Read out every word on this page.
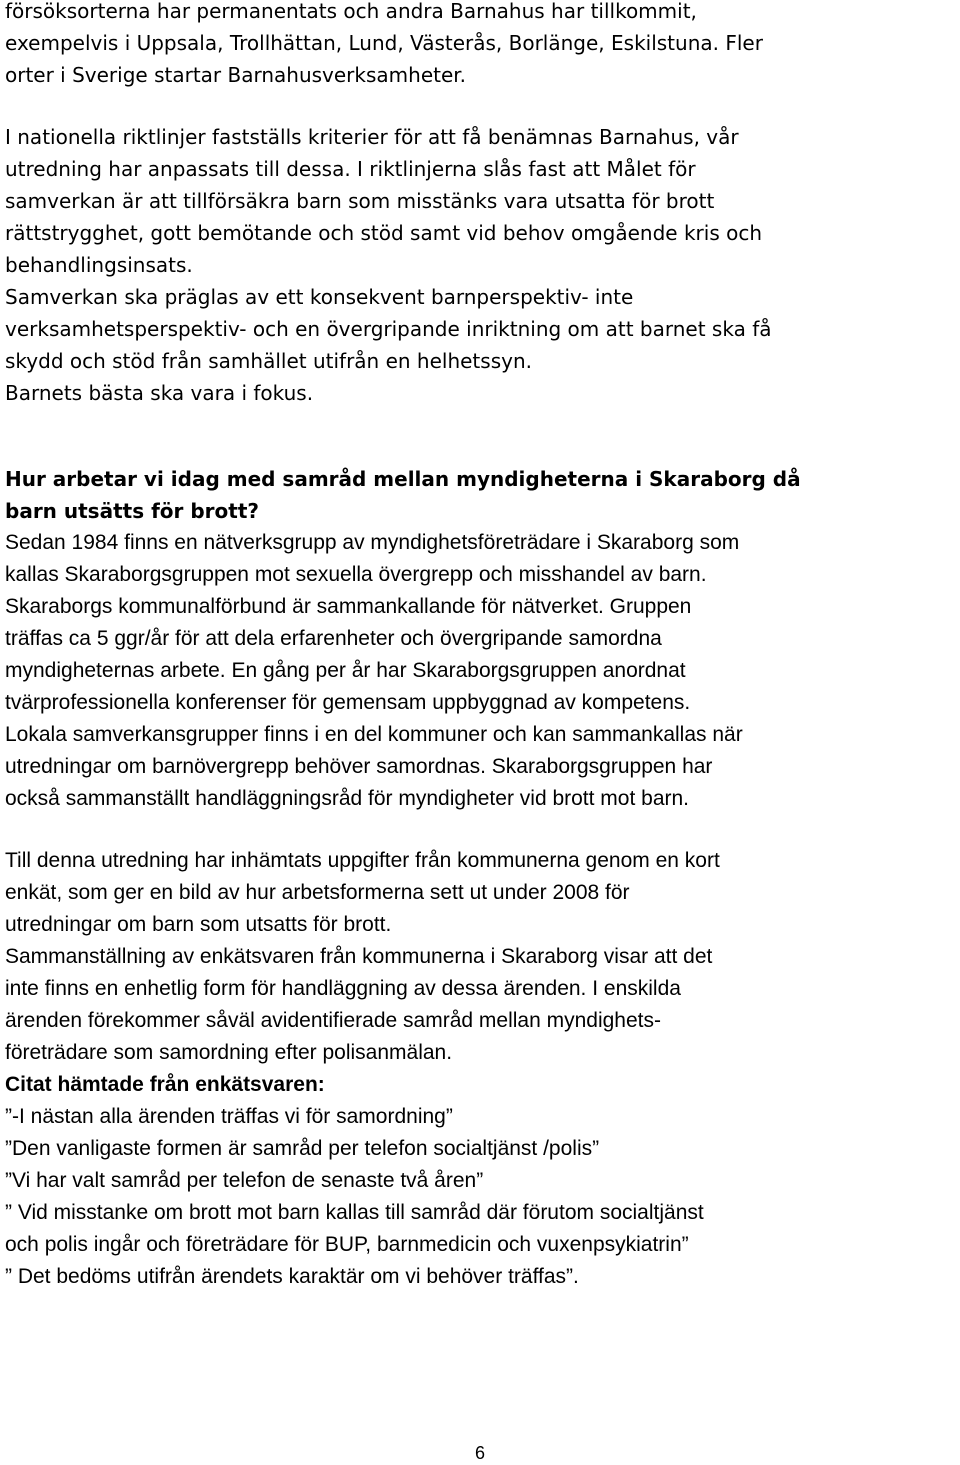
försöksorterna har permanentats och andra Barnahus har tillkommit,
exempelvis i Uppsala, Trollhättan, Lund, Västerås, Borlänge, Eskilstuna. Fler
orter i Sverige startar Barnahusverksamheter.
I nationella riktlinjer fastställs kriterier för att få benämnas Barnahus, vår
utredning har anpassats till dessa. I riktlinjerna slås fast att Målet för
samverkan är att tillförsäkra barn som misstänks vara utsatta för brott
rättstrygghet, gott bemötande och stöd samt vid behov omgående kris och
behandlingsinsats.
Samverkan ska präglas av ett konsekvent barnperspektiv- inte
verksamhetsperspektiv- och en övergripande inriktning om att barnet ska få
skydd och stöd från samhället utifrån en helhetssyn.
Barnets bästa ska vara i fokus.
Hur arbetar vi idag med samråd mellan myndigheterna i Skaraborg då
barn utsätts för brott?
Sedan 1984 finns en nätverksgrupp av myndighetsföreträdare i Skaraborg som
kallas Skaraborgsgruppen mot sexuella övergrepp och misshandel av barn.
Skaraborgs kommunalförbund är sammankallande för nätverket. Gruppen
träffas ca 5 ggr/år för att dela erfarenheter och övergripande samordna
myndigheternas arbete. En gång per år har Skaraborgsgruppen anordnat
tvärprofessionella konferenser för gemensam uppbyggnad av kompetens.
Lokala samverkansgrupper finns i en del kommuner och kan sammankallas när
utredningar om barnövergrepp behöver samordnas. Skaraborgsgruppen har
också sammanställt handläggningsråd för myndigheter vid brott mot barn.
Till denna utredning har inhämtats uppgifter från kommunerna genom en kort
enkät, som ger en bild av hur arbetsformerna sett ut under 2008 för
utredningar om barn som utsatts för brott.
Sammanställning av enkätsvaren från kommunerna i Skaraborg visar att det
inte finns en enhetlig form för handläggning av dessa ärenden. I enskilda
ärenden förekommer såväl avidentifierade samråd mellan myndighets-
företrädare som samordning efter polisanmälan.
Citat hämtade från enkätsvaren:
”-I nästan alla ärenden träffas vi för samordning”
”Den vanligaste formen är samråd per telefon socialtjänst /polis”
”Vi har valt samråd per telefon de senaste två åren”
” Vid misstanke om brott mot barn kallas till samråd där förutom socialtjänst
och polis ingår och företrädare för BUP, barnmedicin och vuxenpsykiatrin”
” Det bedöms utifrån ärendets karaktär om vi behöver träffas”.
6
